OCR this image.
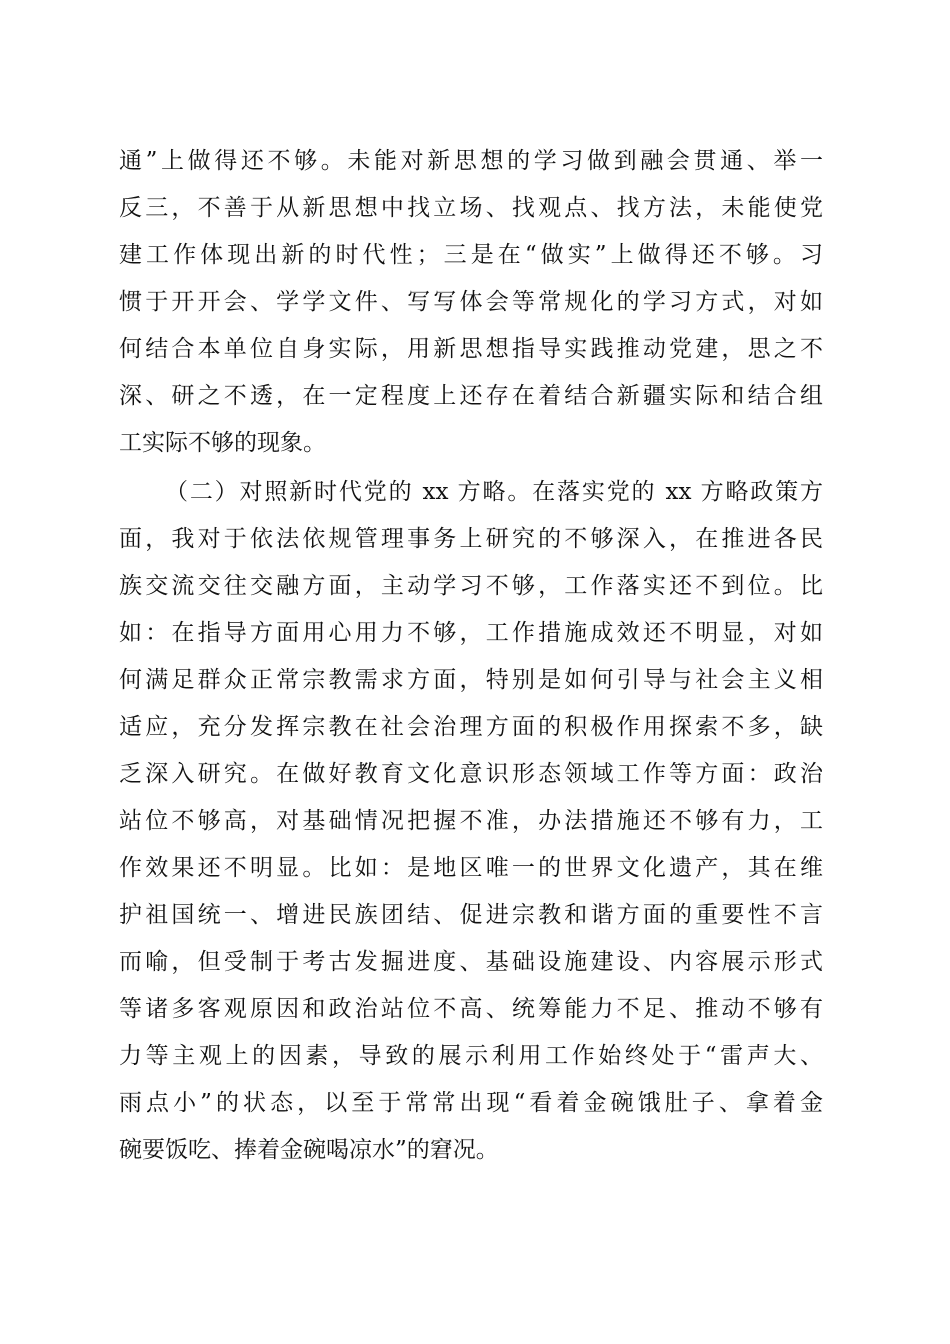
通”上做得还不够。未能对新思想的学习做到融会贯通、举一
反三，不善于从新思想中找立场、找观点、找方法，未能使党
建工作体现出新的时代性；三是在“做实”上做得还不够。习
惯于开开会、学学文件、写写体会等常规化的学习方式，对如
何结合本单位自身实际，用新思想指导实践推动党建，思之不
深、研之不透，在一定程度上还存在着结合新疆实际和结合组
工实际不够的现象。
（二）对照新时代党的 xx 方略。在落实党的 xx 方略政策方
面，我对于依法依规管理事务上研究的不够深入，在推进各民
族交流交往交融方面，主动学习不够，工作落实还不到位。比
如：在指导方面用心用力不够，工作措施成效还不明显，对如
何满足群众正常宗教需求方面，特别是如何引导与社会主义相
适应，充分发挥宗教在社会治理方面的积极作用探索不多，缺
乏深入研究。在做好教育文化意识形态领域工作等方面：政治
站位不够高，对基础情况把握不准，办法措施还不够有力，工
作效果还不明显。比如：是地区唯一的世界文化遗产，其在维
护祖国统一、增进民族团结、促进宗教和谐方面的重要性不言
而喻，但受制于考古发掘进度、基础设施建设、内容展示形式
等诸多客观原因和政治站位不高、统筹能力不足、推动不够有
力等主观上的因素，导致的展示利用工作始终处于“雷声大、
雨点小”的状态，以至于常常出现“看着金碗饿肚子、拿着金
碗要饭吃、捧着金碗喝凉水”的窘况。
